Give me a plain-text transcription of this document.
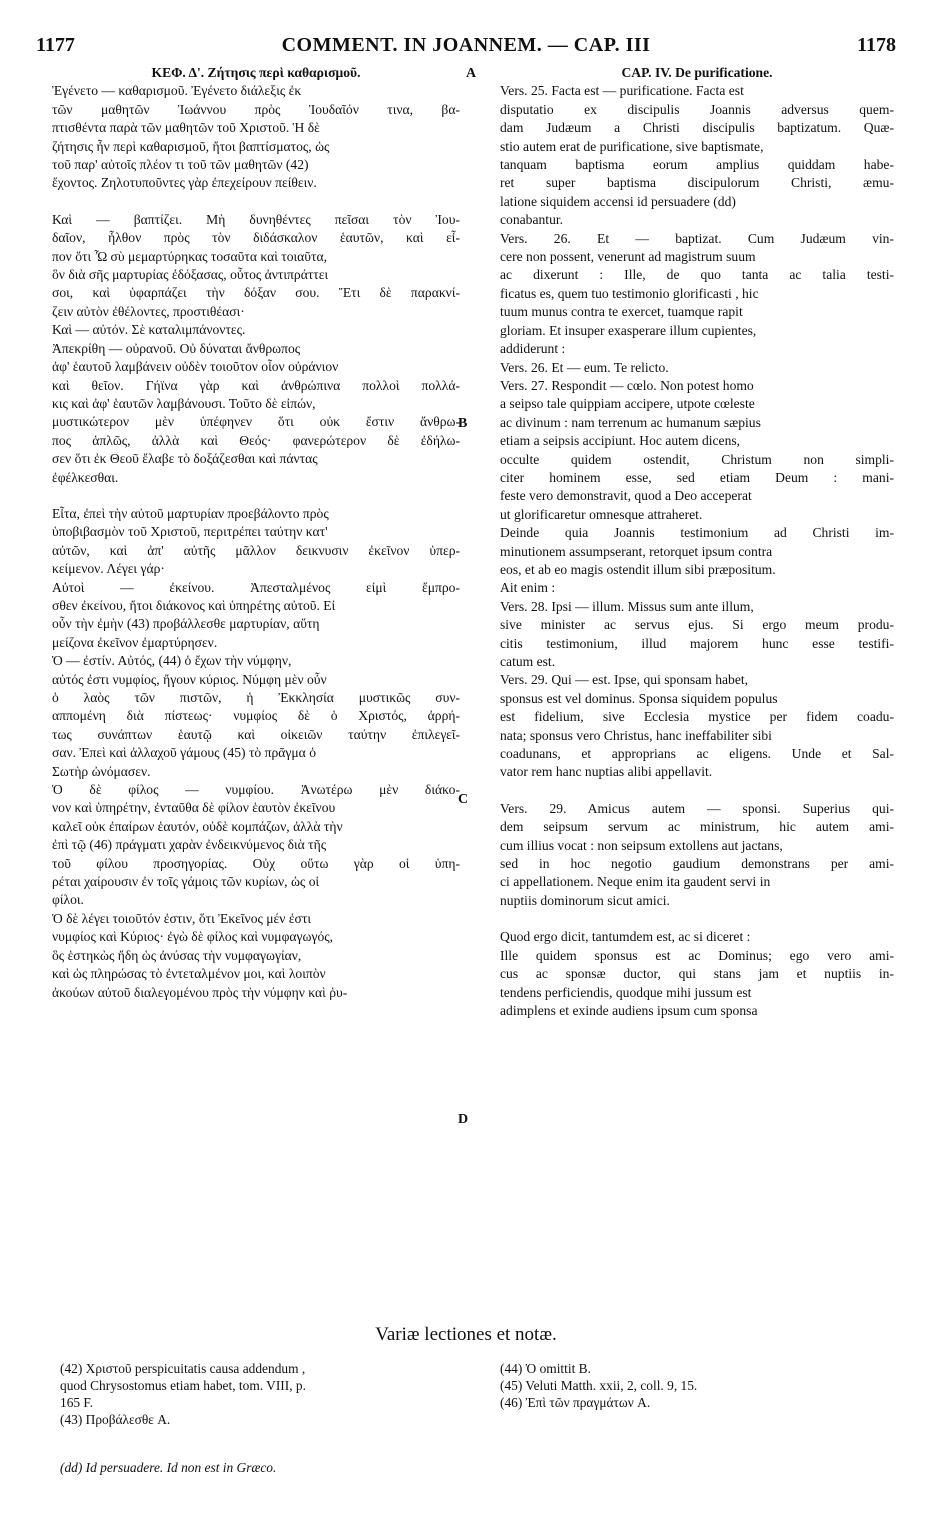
1177	COMMENT. IN JOANNEM. — CAP. III	1178
ΚΕΦ. Δ'. Ζήτησις περὶ καθαρισμοῦ.
Ἐγένετο — καθαρισμοῦ. Ἐγένετο διάλεξις ἐκ
τῶν μαθητῶν Ἰωάννου πρὸς Ἰουδαῖόν τινα, βα-
πτισθέντα παρὰ τῶν μαθητῶν τοῦ Χριστοῦ. Ἡ δὲ
ζήτησις ἦν περὶ καθαρισμοῦ, ἤτοι βαπτίσματος, ὡς
τοῦ παρ' αὐτοῖς πλέον τι τοῦ τῶν μαθητῶν (42)
ἔχοντος. Ζηλοτυποῦντες γὰρ ἐπεχείρουν πείθειν.
Καὶ — βαπτίζει. Μὴ δυνηθέντες πεῖσαι τὸν Ἰου-
δαῖον, ἦλθον πρὸς τὸν διδάσκαλον ἑαυτῶν, καὶ εἶ-
πον ὅτι Ὦ σὺ μεμαρτύρηκας τοσαῦτα καὶ τοιαῦτα,
ὃν διὰ σῆς μαρτυρίας ἐδόξασας, οὗτος ἀντιπράττει
σοι, καὶ ὑφαρπάζει τὴν δόξαν σου. Ἔτι δὲ παρακνί-
ζειν αὐτὸν ἐθέλοντες, προστιθέασι·
Καὶ — αὐτόν. Σὲ καταλιμπάνοντες.
Ἀπεκρίθη — οὐρανοῦ. Οὐ δύναται ἄνθρωπος
ἀφ' ἑαυτοῦ λαμβάνειν οὐδὲν τοιοῦτον οἷον οὐράνιον
καὶ θεῖον. Γήϊνα γὰρ καὶ ἀνθρώπινα πολλοὶ πολλά-
κις καὶ ἀφ' ἑαυτῶν λαμβάνουσι. Τοῦτο δὲ εἰπών,
μυστικώτερον μὲν ὑπέφηνεν ὅτι οὐκ ἔστιν ἄνθρω-
πος ἁπλῶς, ἀλλὰ καὶ Θεός· φανερώτερον δὲ ἐδήλω-
σεν ὅτι ἐκ Θεοῦ ἔλαβε τὸ δοξάζεσθαι καὶ πάντας
ἐφέλκεσθαι.
Εἶτα, ἐπεὶ τὴν αὐτοῦ μαρτυρίαν προεβάλοντο πρὸς
ὑποβιβασμὸν τοῦ Χριστοῦ, περιτρέπει ταύτην κατ'
αὐτῶν, καὶ ἀπ' αὐτῆς μᾶλλον δεικνυσιν ἐκεῖνον ὑπερ-
κείμενον. Λέγει γάρ·
Αὐτοὶ — ἐκείνου. Ἀπεσταλμένος εἰμὶ ἔμπρο-
σθεν ἐκείνου, ἤτοι διάκονος καὶ ὑπηρέτης αὐτοῦ. Εἰ
οὖν τὴν ἐμὴν (43) προβάλλεσθε μαρτυρίαν, αὕτη
μείζονα ἐκεῖνον ἐμαρτύρησεν.
Ὁ — ἐστίν. Αὐτός, (44) ὁ ἔχων τὴν νύμφην,
αὐτός ἐστι νυμφίος, ἤγουν κύριος. Νύμφη μὲν οὖν
ὁ λαὸς τῶν πιστῶν, ἡ Ἐκκλησία μυστικῶς συν-
αππομένη διὰ πίστεως· νυμφίος δὲ ὁ Χριστός, ἀρρή-
τως συνάπτων ἑαυτῷ καὶ οἰκειῶν ταύτην ἐπιλεγεῖ-
σαν. Ἐπεὶ καὶ ἀλλαχοῦ γάμους (45) τὸ πρᾶγμα ὁ
Σωτὴρ ὠνόμασεν.
Ὁ δὲ φίλος — νυμφίου. Ἀνωτέρω μὲν διάκο-
νον καὶ ὑπηρέτην, ἐνταῦθα δὲ φίλον ἑαυτὸν ἐκεῖνου
καλεῖ οὐκ ἐπαίρων ἑαυτόν, οὐδὲ κομπάζων, ἀλλὰ τὴν
ἐπὶ τῷ (46) πράγματι χαρὰν ἐνδεικνύμενος διὰ τῆς
τοῦ φίλου προσηγορίας. Οὐχ οὕτω γὰρ οἱ ὑπη-
ρέται χαίρουσιν ἐν τοῖς γάμοις τῶν κυρίων, ὡς οἱ
φίλοι.
Ὁ δὲ λέγει τοιοῦτόν ἐστιν, ὅτι Ἐκεῖνος μέν ἐστι
νυμφίος καὶ Κύριος· ἐγὼ δὲ φίλος καὶ νυμφαγωγός,
ὃς ἑστηκὼς ἤδη ὡς ἀνύσας τὴν νυμφαγωγίαν,
καὶ ὡς πληρώσας τὸ ἐντεταλμένον μοι, καὶ λοιπὸν
ἀκούων αὐτοῦ διαλεγομένου πρὸς τὴν νύμφην καὶ ῥυ-
CAP. IV. De purificatione.
Vers. 25. Facta est — purificatione. Facta est
disputatio ex discipulis Joannis adversus quem-
dam Judæum a Christi discipulis baptizatum. Quæ-
stio autem erat de purificatione, sive baptismate,
tanquam baptisma eorum amplius quiddam habe-
ret super baptisma discipulorum Christi, æmu-
latione siquidem accensi id persuadere (dd)
conabantur.
Vers. 26. Et — baptizat. Cum Judæum vin-
cere non possent, venerunt ad magistrum suum
ac dixerunt : Ille, de quo tanta ac talia testi-
ficatus es, quem tuo testimonio glorificasti , hic
tuum munus contra te exercet, tuamque rapit
gloriam. Et insuper exasperare illum cupientes,
addiderunt :
Vers. 26. Et — eum. Te relicto.
Vers. 27. Respondit — cœlo. Non potest homo
a seipso tale quippiam accipere, utpote cœleste
ac divinum : nam terrenum ac humanum sæpius
etiam a seipsis accipiunt. Hoc autem dicens,
occulte quidem ostendit, Christum non simpli-
citer hominem esse, sed etiam Deum : mani-
feste vero demonstravit, quod a Deo acceperat
ut glorificaretur omnesque attraheret.
Deinde quia Joannis testimonium ad Christi im-
minutionem assumpserant, retorquet ipsum contra
eos, et ab eo magis ostendit illum sibi præpositum.
Ait enim :
Vers. 28. Ipsi — illum. Missus sum ante illum,
sive minister ac servus ejus. Si ergo meum produ-
citis testimonium, illud majorem hunc esse testifi-
catum est.
Vers. 29. Qui — est. Ipse, qui sponsam habet,
sponsus est vel dominus. Sponsa siquidem populus
est fidelium, sive Ecclesia mystice per fidem coadu-
nata; sponsus vero Christus, hanc ineffabiliter sibi
coadunans, et approprians ac eligens. Unde et Sal-
vator rem hanc nuptias alibi appellavit.
Vers. 29. Amicus autem — sponsi. Superius qui-
dem seipsum servum ac ministrum, hic autem ami-
cum illius vocat : non seipsum extollens aut jactans,
sed in hoc negotio gaudium demonstrans per ami-
ci appellationem. Neque enim ita gaudent servi in
nuptiis dominorum sicut amici.
Quod ergo dicit, tantumdem est, ac si diceret :
Ille quidem sponsus est ac Dominus; ego vero ami-
cus ac sponsæ ductor, qui stans jam et nuptiis in-
tendens perficiendis, quodque mihi jussum est
adimplens et exinde audiens ipsum cum sponsa
A
B
C
D
Variæ lectiones et notæ.
(42) Χριστοῦ perspicuitatis causa addendum ,
quod Chrysostomus etiam habet, tom. VIII, p.
165 F.
(43) Προβάλεσθε A.
(44) Ὁ omittit B.
(45) Veluti Matth. xxii, 2, coll. 9, 15.
(46) Ἐπὶ τῶν πραγμάτων A.
(dd) Id persuadere. Id non est in Græco.
